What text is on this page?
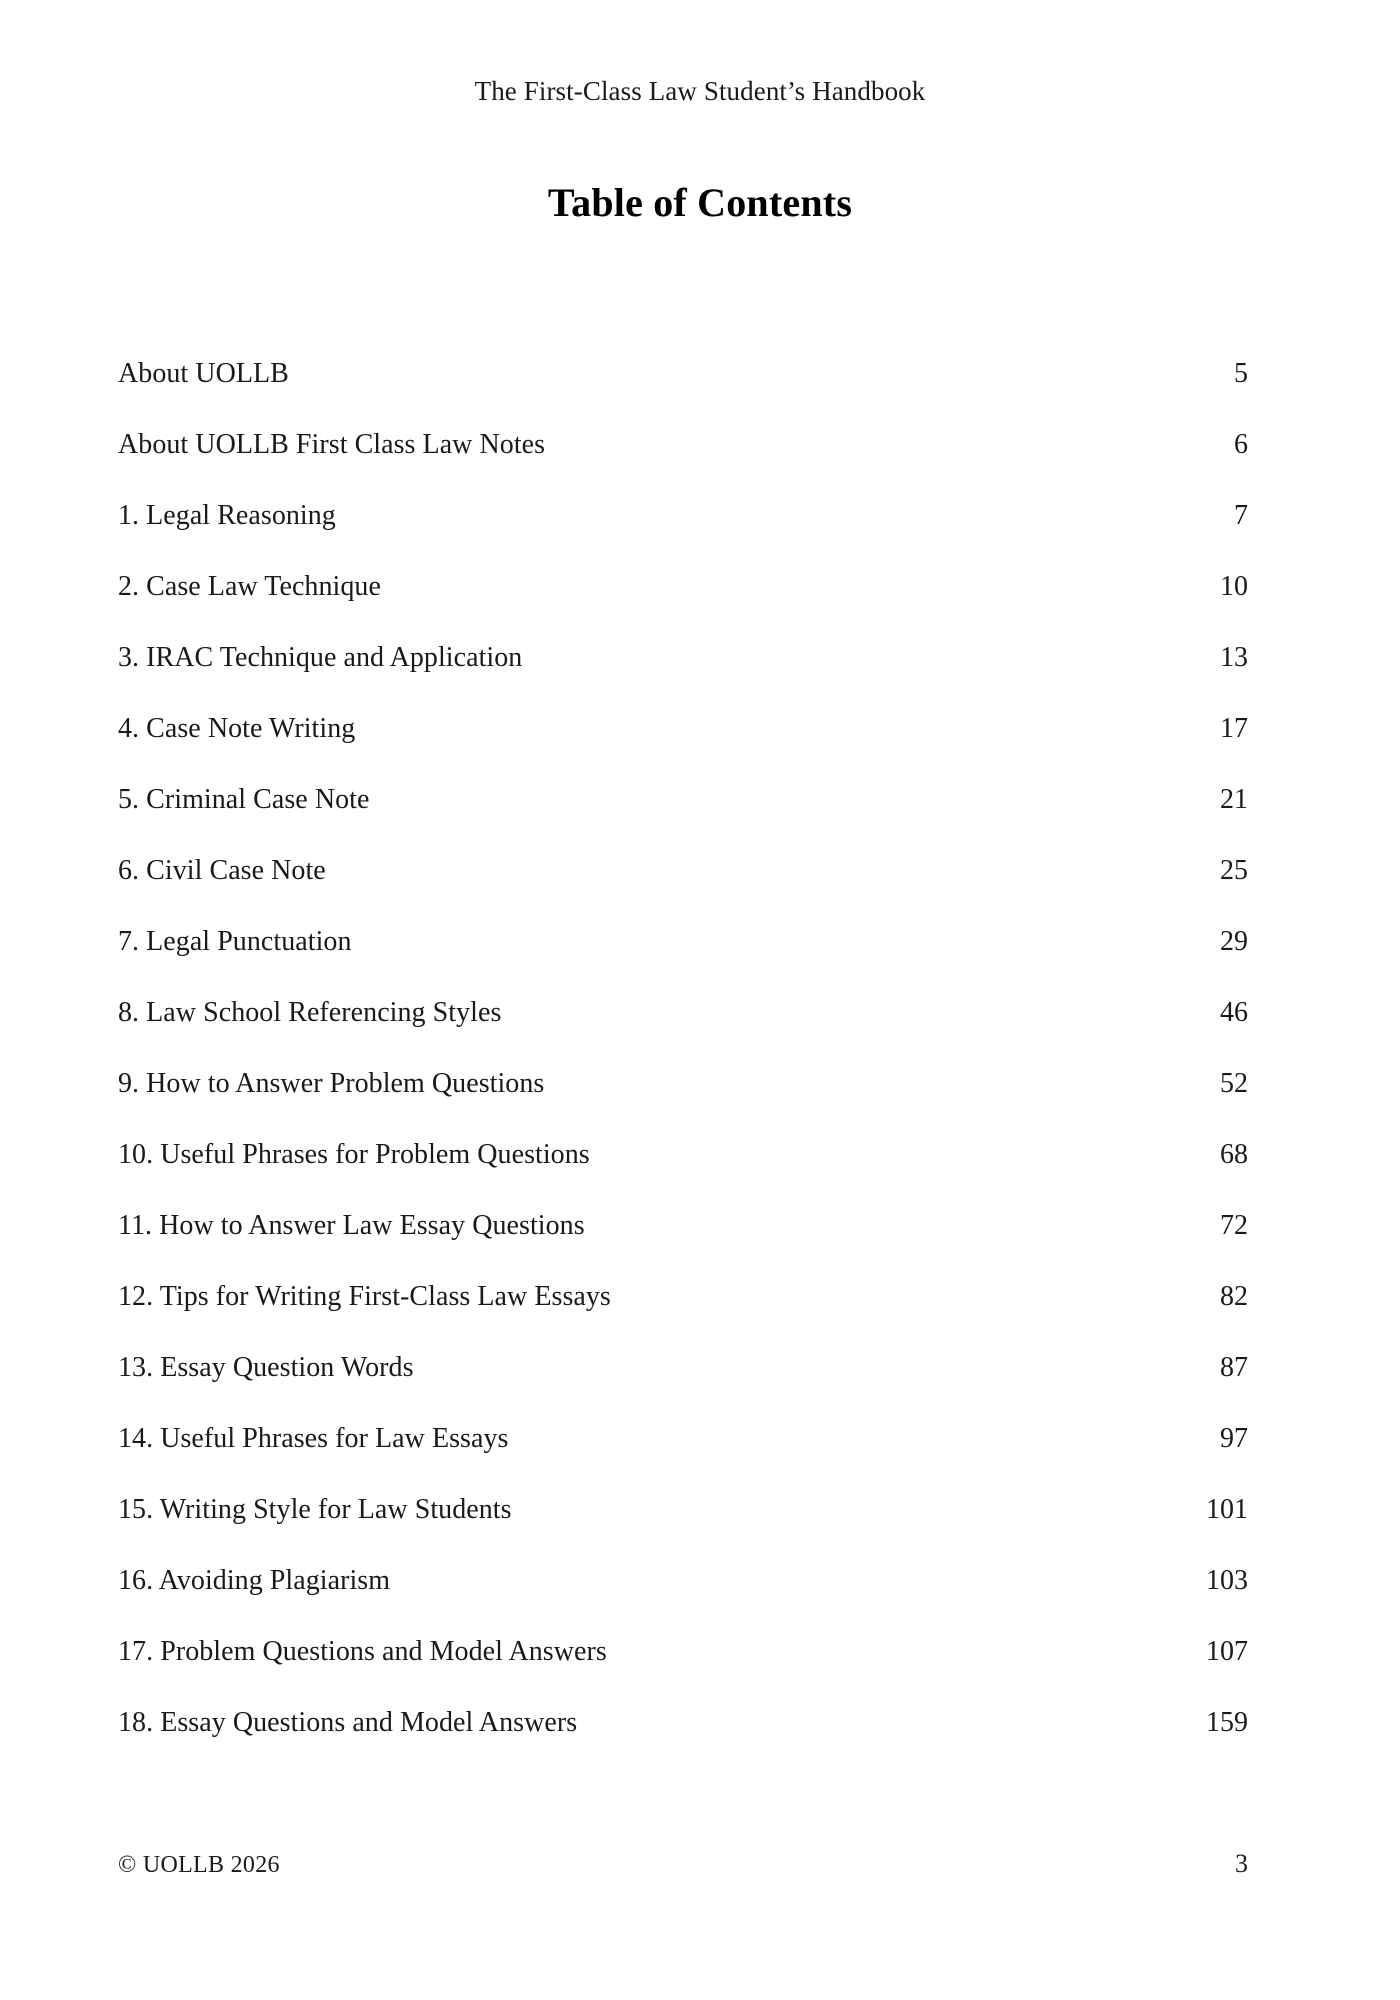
The First-Class Law Student’s Handbook
Table of Contents
About UOLLB	5
About UOLLB First Class Law Notes	6
1. Legal Reasoning	7
2. Case Law Technique	10
3. IRAC Technique and Application	13
4. Case Note Writing	17
5. Criminal Case Note	21
6. Civil Case Note	25
7. Legal Punctuation	29
8. Law School Referencing Styles	46
9. How to Answer Problem Questions	52
10. Useful Phrases for Problem Questions	68
11. How to Answer Law Essay Questions	72
12. Tips for Writing First-Class Law Essays	82
13. Essay Question Words	87
14. Useful Phrases for Law Essays	97
15. Writing Style for Law Students	101
16. Avoiding Plagiarism	103
17. Problem Questions and Model Answers	107
18. Essay Questions and Model Answers	159
© UOLLB 2026	3
